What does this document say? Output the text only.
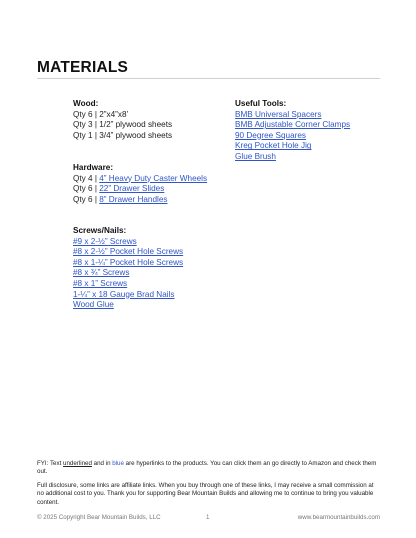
MATERIALS
Wood:
Qty 6 | 2”x4”x8’
Qty 3 | 1/2” plywood sheets
Qty 1 | 3/4” plywood sheets
Useful Tools:
BMB Universal Spacers
BMB Adjustable Corner Clamps
90 Degree Squares
Kreg Pocket Hole Jig
Glue Brush
Hardware:
Qty 4 | 4” Heavy Duty Caster Wheels
Qty 6 | 22” Drawer Slides
Qty 6 | 8” Drawer Handles
Screws/Nails:
#9 x 2-½” Screws
#8 x 2-½” Pocket Hole Screws
#8 x 1-¼” Pocket Hole Screws
#8 x ¾” Screws
#8 x 1” Screws
1-¼” x 18 Gauge Brad Nails
Wood Glue
FYI: Text underlined and in blue are hyperlinks to the products. You can click them an go directly to Amazon and check them out.
Full disclosure, some links are affiliate links. When you buy through one of these links, I may receive a small commission at no additional cost to you. Thank you for supporting Bear Mountain Builds and allowing me to continue to bring you valuable content.
© 2025 Copyright Bear Mountain Builds, LLC	1	www.bearmountainbuilds.com
